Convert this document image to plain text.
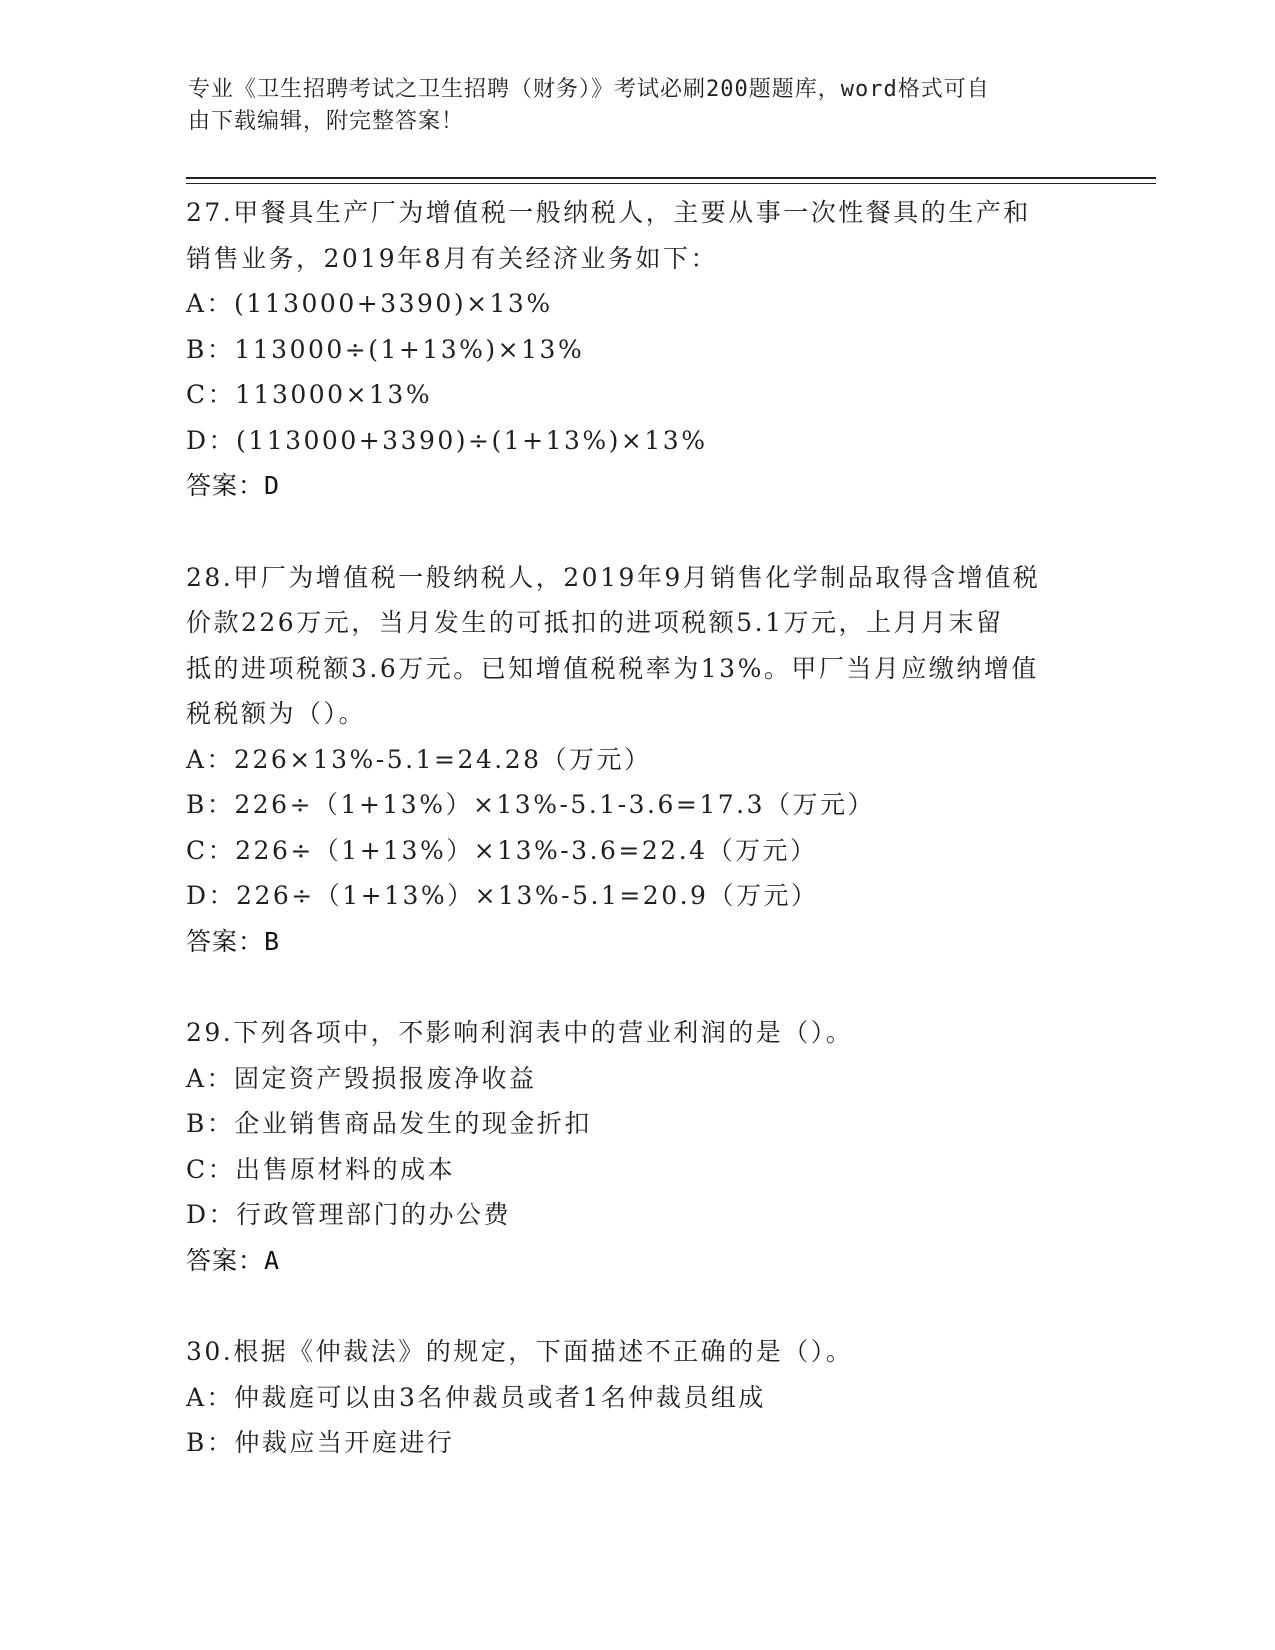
专业《卫生招聘考试之卫生招聘（财务）》考试必刷200题题库，word格式可自
由下载编辑，附完整答案！
27.甲餐具生产厂为增值税一般纳税人，主要从事一次性餐具的生产和
销售业务，2019年8月有关经济业务如下：
A：(113000+3390)×13%
B：113000÷(1+13%)×13%
C：113000×13%
D：(113000+3390)÷(1+13%)×13%
答案：D
28.甲厂为增值税一般纳税人，2019年9月销售化学制品取得含增值税
价款226万元，当月发生的可抵扣的进项税额5.1万元，上月月末留
抵的进项税额3.6万元。已知增值税税率为13%。甲厂当月应缴纳增值
税税额为（）。
A：226×13%-5.1=24.28（万元）
B：226÷（1+13%）×13%-5.1-3.6=17.3（万元）
C：226÷（1+13%）×13%-3.6=22.4（万元）
D：226÷（1+13%）×13%-5.1=20.9（万元）
答案：B
29.下列各项中，不影响利润表中的营业利润的是（）。
A：固定资产毁损报废净收益
B：企业销售商品发生的现金折扣
C：出售原材料的成本
D：行政管理部门的办公费
答案：A
30.根据《仲裁法》的规定，下面描述不正确的是（）。
A：仲裁庭可以由3名仲裁员或者1名仲裁员组成
B：仲裁应当开庭进行
